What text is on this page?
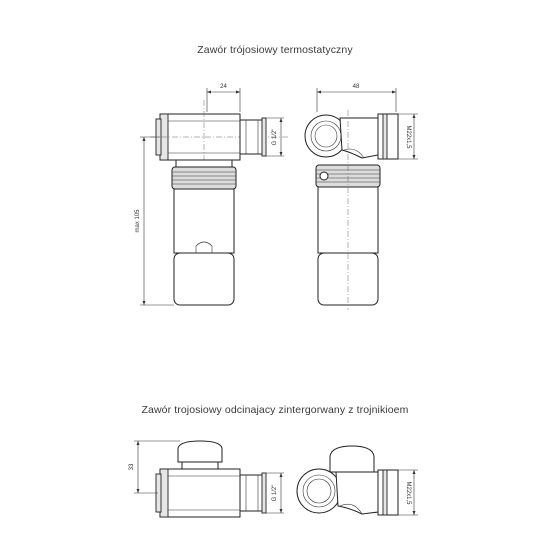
Zawór trójosiowy termostatyczny
Zawór trojosiowy odcinajacy zintergorwany z trojnikioem
24
G 1/2"
max 105
48
M22x1,5
G 1/2"
33
M22x1,5
